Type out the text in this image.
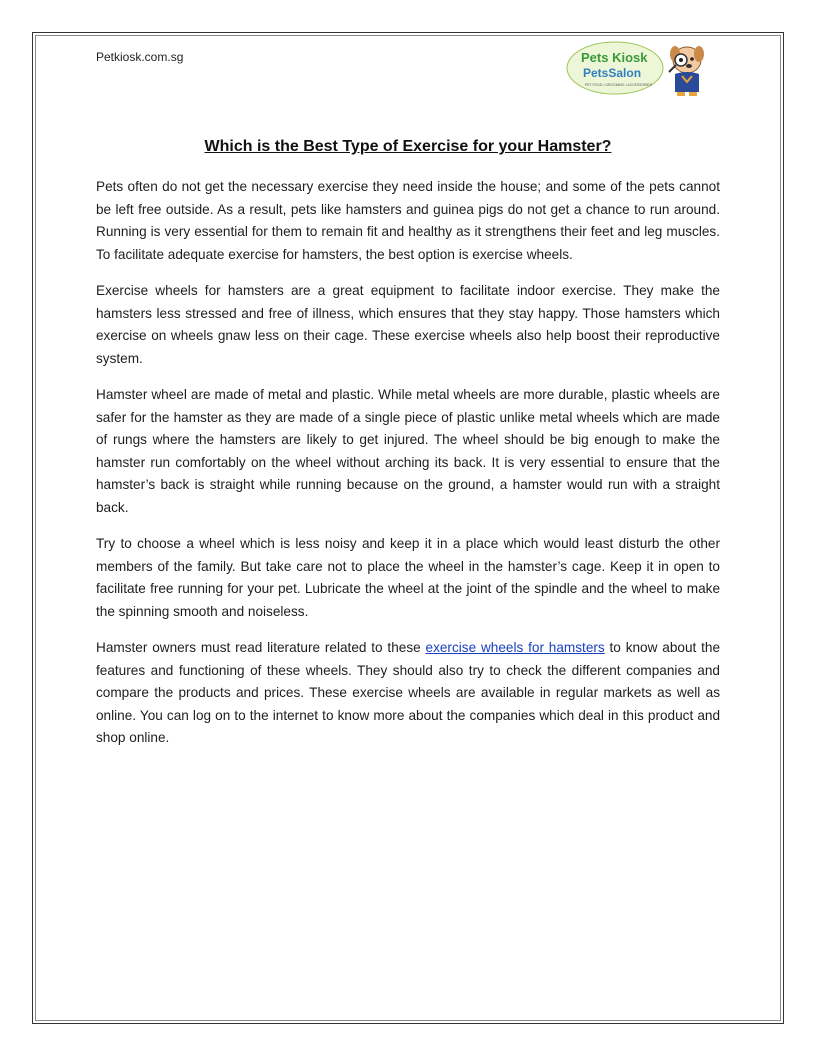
Petkiosk.com.sg	Pets Kiosk
PetsSalon
PET FOOD • GROOMING • ACCESSORIES
Which is the Best Type of Exercise for your Hamster?

Pets often do not get the necessary exercise they need inside the house; and some of the pets cannot be left free outside. As a result, pets like hamsters and guinea pigs do not get a chance to run around. Running is very essential for them to remain fit and healthy as it strengthens their feet and leg muscles. To facilitate adequate exercise for hamsters, the best option is exercise wheels.

Exercise wheels for hamsters are a great equipment to facilitate indoor exercise. They make the hamsters less stressed and free of illness, which ensures that they stay happy. Those hamsters which exercise on wheels gnaw less on their cage. These exercise wheels also help boost their reproductive system.

Hamster wheel are made of metal and plastic. While metal wheels are more durable, plastic wheels are safer for the hamster as they are made of a single piece of plastic unlike metal wheels which are made of rungs where the hamsters are likely to get injured. The wheel should be big enough to make the hamster run comfortably on the wheel without arching its back. It is very essential to ensure that the hamster’s back is straight while running because on the ground, a hamster would run with a straight back.

Try to choose a wheel which is less noisy and keep it in a place which would least disturb the other members of the family. But take care not to place the wheel in the hamster’s cage. Keep it in open to facilitate free running for your pet. Lubricate the wheel at the joint of the spindle and the wheel to make the spinning smooth and noiseless.

Hamster owners must read literature related to these exercise wheels for hamsters to know about the features and functioning of these wheels. They should also try to check the different companies and compare the products and prices. These exercise wheels are available in regular markets as well as online. You can log on to the internet to know more about the companies which deal in this product and shop online.
